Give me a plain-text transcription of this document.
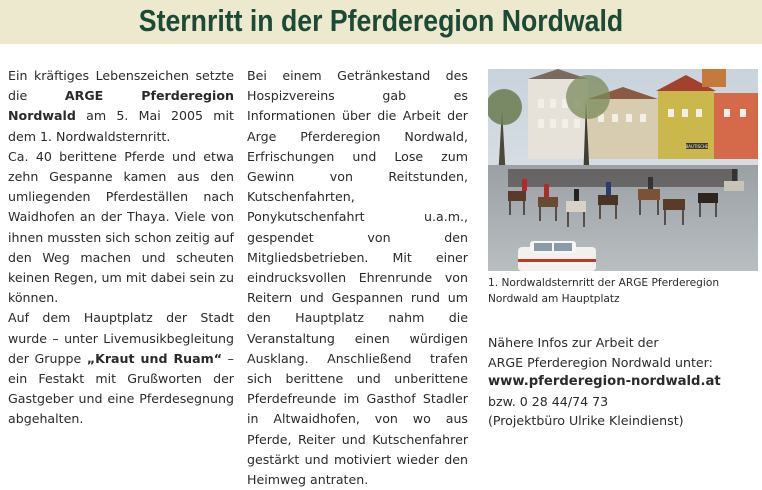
Sternritt in der Pferderegion Nordwald

Ein kräftiges Lebenszeichen setzte die ARGE Pferderegion Nordwald am 5. Mai 2005 mit dem 1. Nordwaldsternritt.

Ca. 40 berittene Pferde und etwa zehn Gespanne kamen aus den umliegenden Pferdeställen nach Waidhofen an der Thaya. Viele von ihnen mussten sich schon zeitig auf den Weg machen und scheuten keinen Regen, um mit dabei sein zu können.

Auf dem Hauptplatz der Stadt wurde – unter Livemusikbegleitung der Gruppe „Kraut und Ruam“ – ein Festakt mit Grußworten der Gastgeber und eine Pferdesegnung abgehalten.

Bei einem Getränkestand des Hospizvereins gab es Informationen über die Arbeit der Arge Pferderegion Nordwald, Erfrischungen und Lose zum Gewinn von Reitstunden, Kutschenfahrten, Ponykutschenfahrt u.a.m., gespendet von den Mitgliedsbetrieben. Mit einer eindrucksvollen Ehrenrunde von Reitern und Gespannen rund um den Hauptplatz nahm die Veranstaltung einen würdigen Ausklang. Anschließend trafen sich berittene und unberittene Pferdefreunde im Gasthof Stadler in Altwaidhofen, von wo aus Pferde, Reiter und Kutschenfahrer gestärkt und motiviert wieder den Heimweg antraten.

BAUTISCHE
1. Nordwaldsternritt der ARGE Pferderegion Nordwald am Hauptplatz
Nähere Infos zur Arbeit der
ARGE Pferderegion Nordwald unter:
www.pferderegion-nordwald.at
bzw. 0 28 44/74 73
(Projektbüro Ulrike Kleindienst)
